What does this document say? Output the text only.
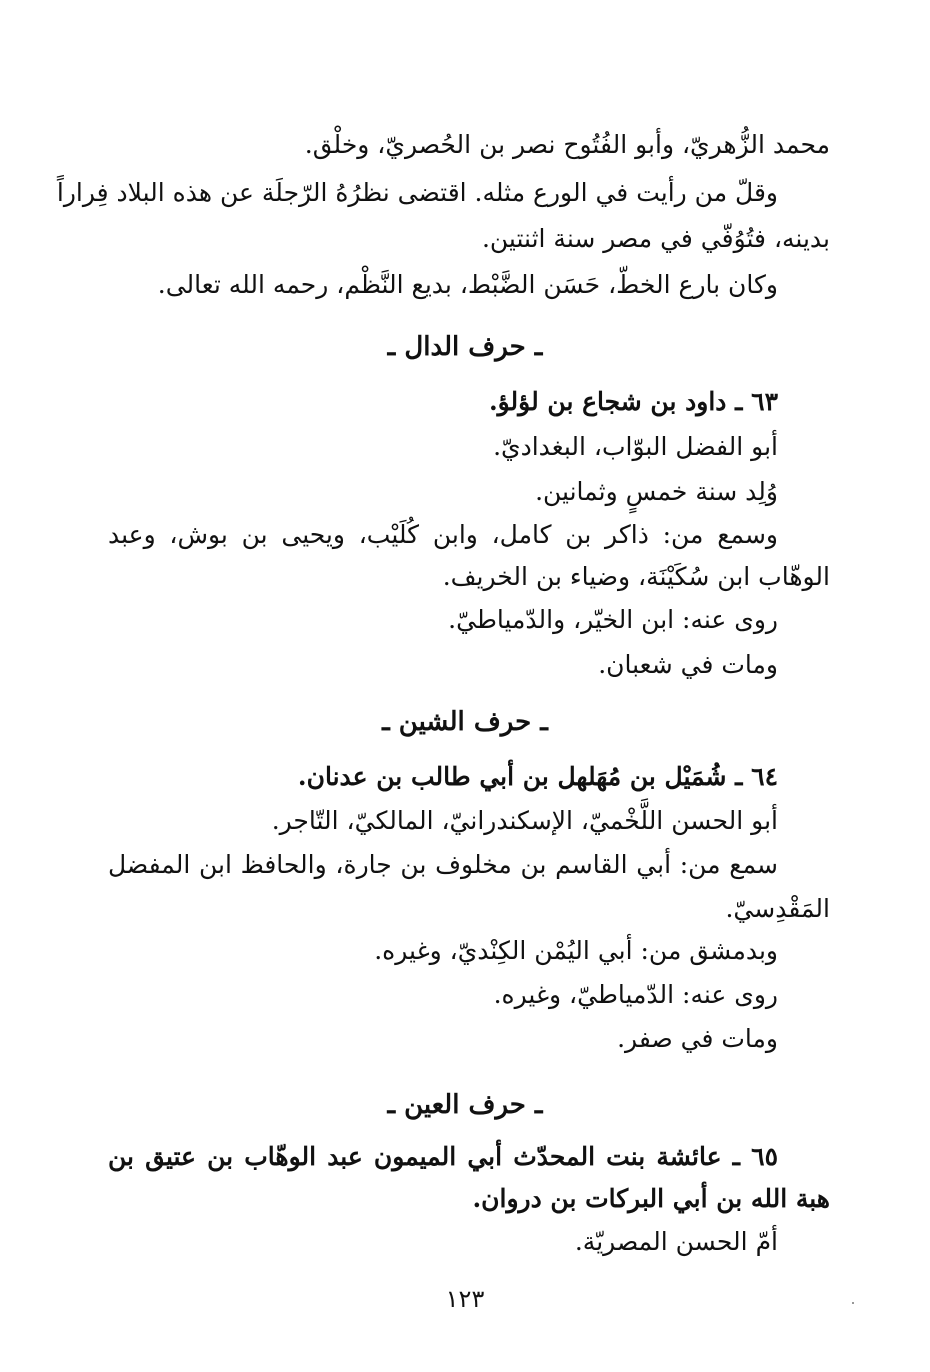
محمد الزُّهريّ، وأبو الفُتُوح نصر بن الحُصريّ، وخلْق.
وقلّ من رأيت في الورع مثله. اقتضى نظرُهُ الرّجلَة عن هذه البلاد فِراراً
بدينه، فتُوُفّي في مصر سنة اثنتين.
وكان بارع الخطّ، حَسَن الضَّبْط، بديع النَّظْم، رحمه الله تعالى.
ـ حرف الدال ـ
٦٣ ـ داود بن شجاع بن لؤلؤ.
أبو الفضل البوّاب، البغداديّ.
وُلِد سنة خمسٍ وثمانين.
وسمع من: ذاكر بن كامل، وابن كُلَيْب، ويحيى بن بوش، وعبد
الوهّاب ابن سُكَيْنَة، وضياء بن الخريف.
روى عنه: ابن الخيّر، والدّمياطيّ.
ومات في شعبان.
ـ حرف الشين ـ
٦٤ ـ شُمَيْل بن مُهَلهل بن أبي طالب بن عدنان.
أبو الحسن اللَّخْميّ، الإسكندرانيّ، المالكيّ، التّاجر.
سمع من: أبي القاسم بن مخلوف بن جارة، والحافظ ابن المفضل
المَقْدِسيّ.
وبدمشق من: أبي اليُمْن الكِنْديّ، وغيره.
روى عنه: الدّمياطيّ، وغيره.
ومات في صفر.
ـ حرف العين ـ
٦٥ ـ عائشة بنت المحدّث أبي الميمون عبد الوهّاب بن عتيق بن
هبة الله بن أبي البركات بن دروان.
أمّ الحسن المصريّة.
١٢٣
